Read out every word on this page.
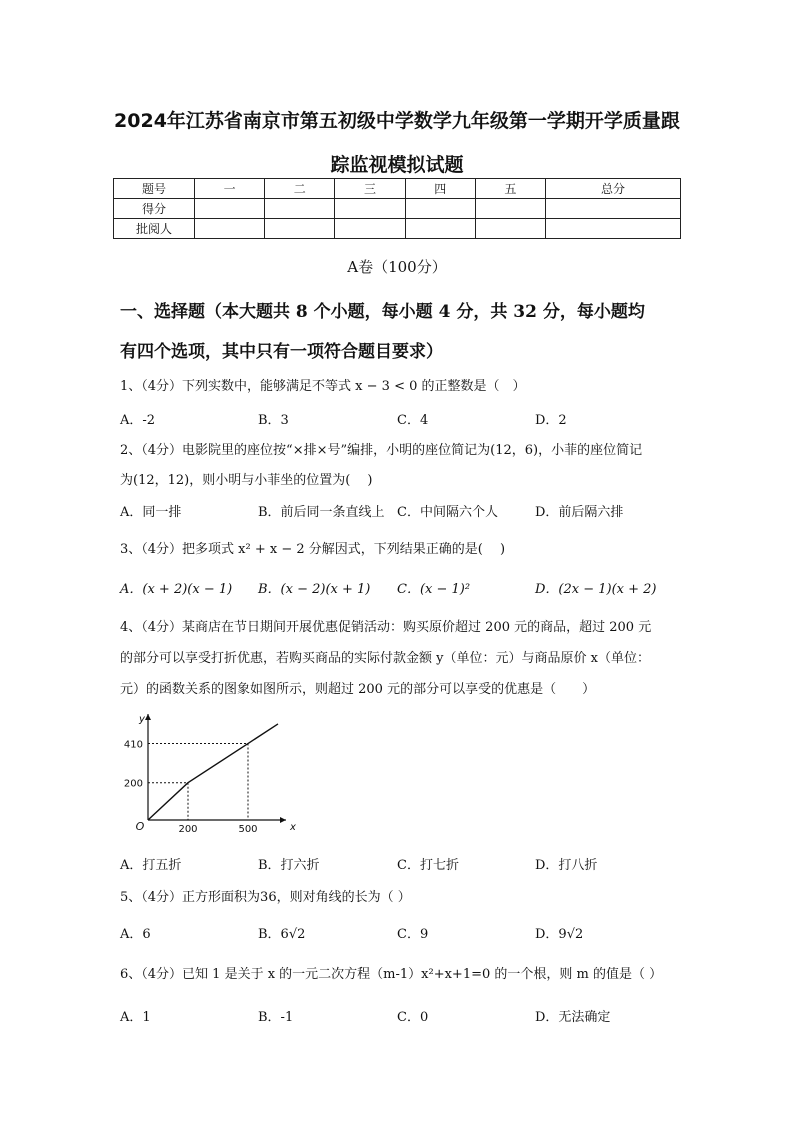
2024年江苏省南京市第五初级中学数学九年级第一学期开学质量跟
踪监视模拟试题
题号	一	二	三	四	五	总分
得分						
批阅人						
A卷（100分）
一、选择题（本大题共 8 个小题，每小题 4 分，共 32 分，每小题均
有四个选项，其中只有一项符合题目要求）
1、（4分）下列实数中，能够满足不等式 x − 3 < 0 的正整数是（　）
A．-2	B．3	C．4	D．2
2、（4分）电影院里的座位按“×排×号”编排，小明的座位简记为(12，6)，小菲的座位简记
为(12，12)，则小明与小菲坐的位置为(　 )
A．同一排	B．前后同一条直线上 C．中间隔六个人	D．前后隔六排
3、（4分）把多项式 x² + x − 2 分解因式，下列结果正确的是(　 )
A．(x + 2)(x − 1) B．(x − 2)(x + 1) C．(x − 1)²	D．(2x − 1)(x + 2)
4、（4分）某商店在节日期间开展优惠促销活动：购买原价超过 200 元的商品，超过 200 元
的部分可以享受打折优惠，若购买商品的实际付款金额 y（单位：元）与商品原价 x（单位：
元）的函数关系的图象如图所示，则超过 200 元的部分可以享受的优惠是（　　）
x
y
O	200	500
200
410
A．打五折	B．打六折	C．打七折	D．打八折
5、（4分）正方形面积为36，则对角线的长为（ ）
A．6	B．6√2	C．9	D．9√2
6、（4分）已知 1 是关于 x 的一元二次方程（m-1）x²+x+1=0 的一个根，则 m 的值是（ ）
A．1	B．-1	C．0	D．无法确定
